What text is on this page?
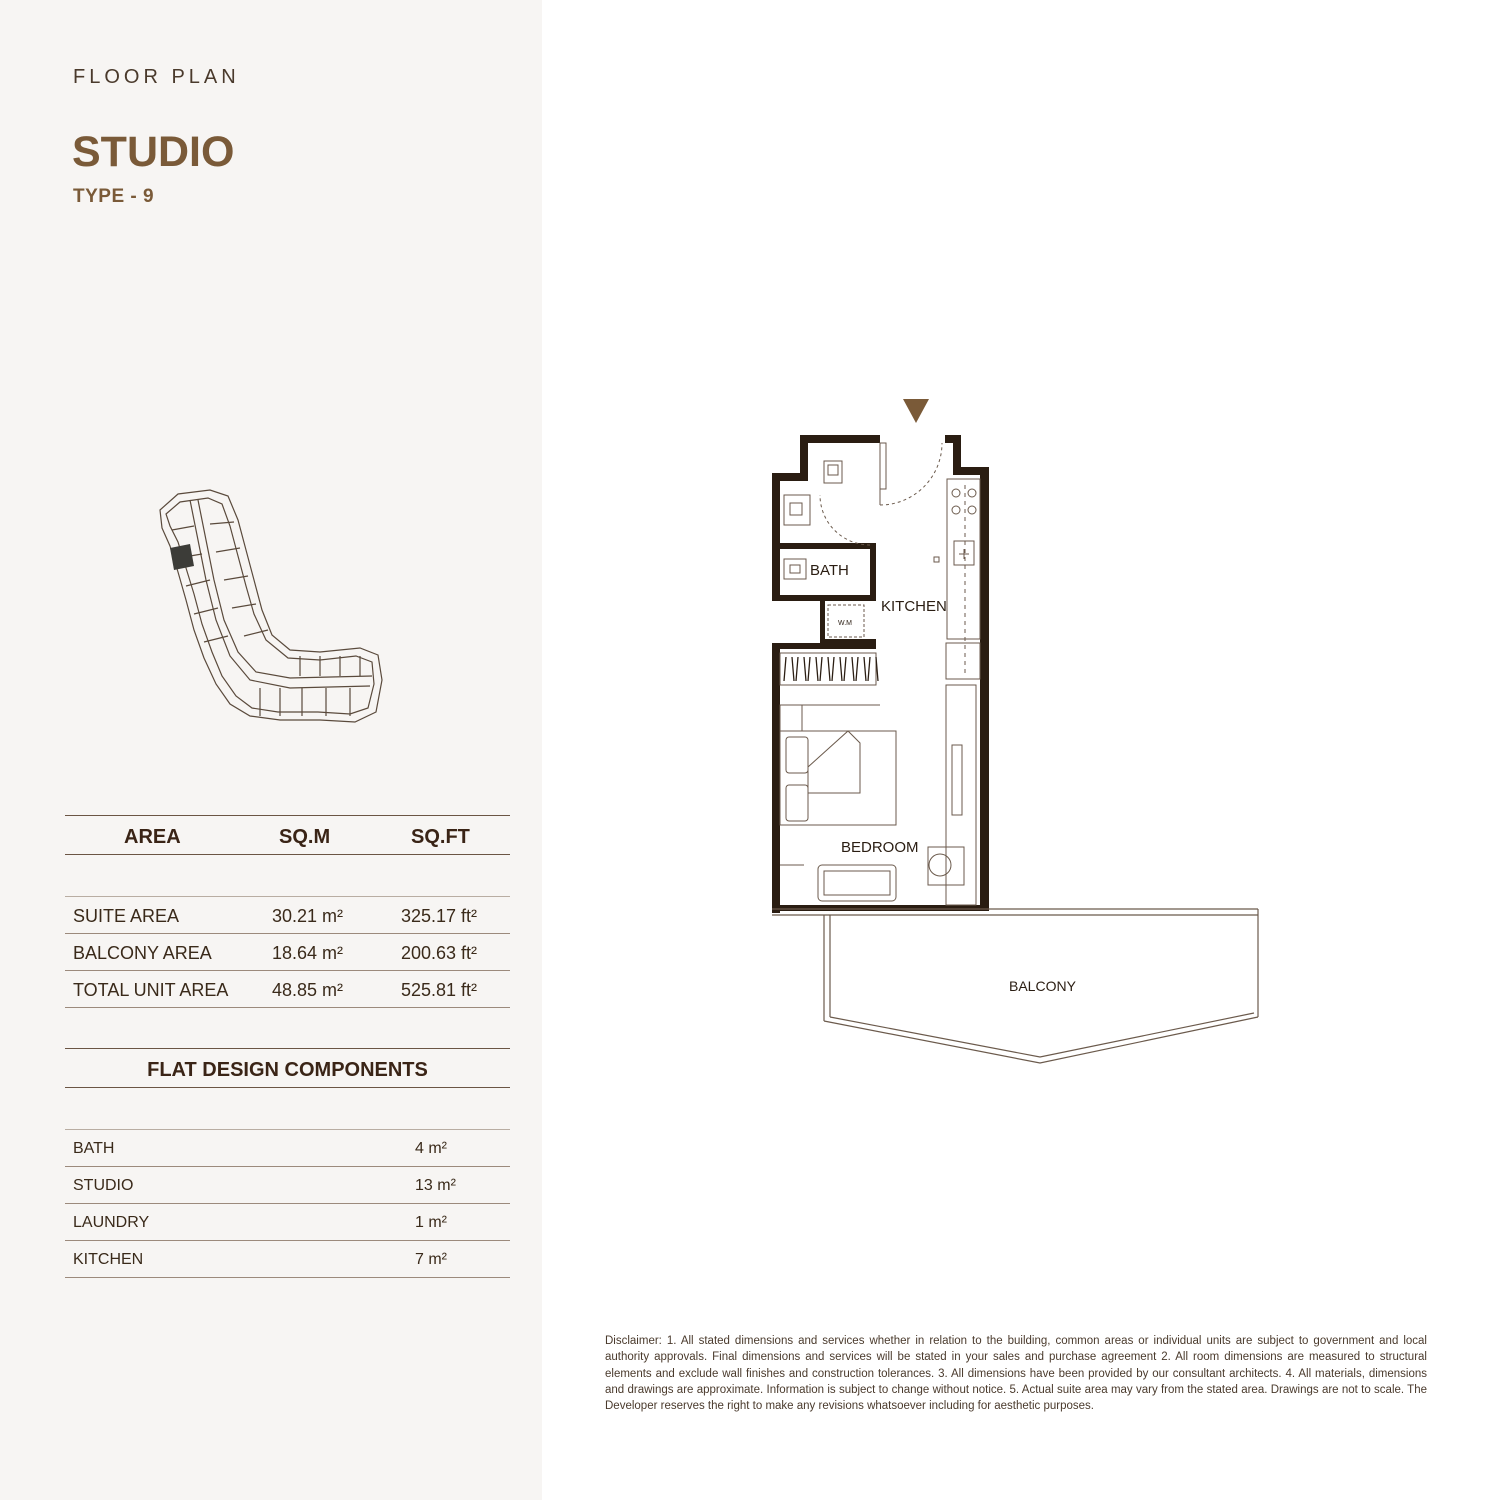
FLOOR PLAN
STUDIO
TYPE - 9
AREA	SQ.M	SQ.FT
SUITE AREA	30.21 m²	325.17 ft²
BALCONY AREA	18.64 m²	200.63 ft²
TOTAL UNIT AREA 48.85 m²	525.81 ft²
FLAT DESIGN COMPONENTS
BATH	4 m²
STUDIO	13 m²
LAUNDRY	1 m²
KITCHEN	7 m²
BATH
KITCHEN
BEDROOM
BALCONY
W.M
Disclaimer: 1. All stated dimensions and services whether in relation to the building, common areas or individual units are subject to government and local authority approvals. Final dimensions and services will be stated in your sales and purchase agreement 2. All room dimensions are measured to structural elements and exclude wall finishes and construction tolerances. 3. All dimensions have been provided by our consultant architects. 4. All materials, dimensions and drawings are approximate. Information is subject to change without notice. 5. Actual suite area may vary from the stated area. Drawings are not to scale. The Developer reserves the right to make any revisions whatsoever including for aesthetic purposes.
